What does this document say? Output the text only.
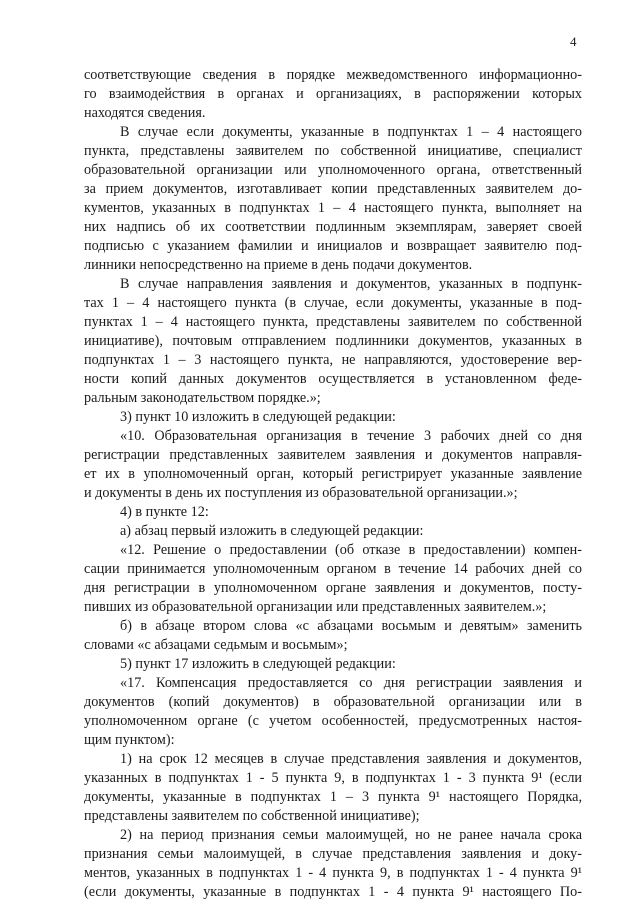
4

соответствующие сведения в порядке межведомственного информационно-
го взаимодействия в органах и организациях, в распоряжении которых
находятся сведения.

В случае если документы, указанные в подпунктах 1 – 4 настоящего
пункта, представлены заявителем по собственной инициативе, специалист
образовательной организации или уполномоченного органа, ответственный
за прием документов, изготавливает копии представленных заявителем до-
кументов, указанных в подпунктах 1 – 4 настоящего пункта, выполняет на
них надпись об их соответствии подлинным экземплярам, заверяет своей
подписью с указанием фамилии и инициалов и возвращает заявителю под-
линники непосредственно на приеме в день подачи документов.

В случае направления заявления и документов, указанных в подпунк-
тах 1 – 4 настоящего пункта (в случае, если документы, указанные в под-
пунктах 1 – 4 настоящего пункта, представлены заявителем по собственной
инициативе), почтовым отправлением подлинники документов, указанных в
подпунктах 1 – 3 настоящего пункта, не направляются, удостоверение вер-
ности копий данных документов осуществляется в установленном феде-
ральным законодательством порядке.»;

3) пункт 10 изложить в следующей редакции:

«10. Образовательная организация в течение 3 рабочих дней со дня
регистрации представленных заявителем заявления и документов направля-
ет их в уполномоченный орган, который регистрирует указанные заявление
и документы в день их поступления из образовательной организации.»;

4) в пункте 12:

а) абзац первый изложить в следующей редакции:

«12. Решение о предоставлении (об отказе в предоставлении) компен-
сации принимается уполномоченным органом в течение 14 рабочих дней со
дня регистрации в уполномоченном органе заявления и документов, посту-
пивших из образовательной организации или представленных заявителем.»;

б) в абзаце втором слова «с абзацами восьмым и девятым» заменить
словами «с абзацами седьмым и восьмым»;

5) пункт 17 изложить в следующей редакции:

«17. Компенсация предоставляется со дня регистрации заявления и
документов (копий документов) в образовательной организации или в
уполномоченном органе (с учетом особенностей, предусмотренных настоя-
щим пунктом):

1) на срок 12 месяцев в случае представления заявления и документов,
указанных в подпунктах 1 - 5 пункта 9, в подпунктах 1 - 3 пункта 9¹ (если
документы, указанные в подпунктах 1 – 3 пункта 9¹ настоящего Порядка,
представлены заявителем по собственной инициативе);

2) на период признания семьи малоимущей, но не ранее начала срока
признания семьи малоимущей, в случае представления заявления и доку-
ментов, указанных в подпунктах 1 - 4 пункта 9, в подпунктах 1 - 4 пункта 9¹
(если документы, указанные в подпунктах 1 - 4 пункта 9¹ настоящего По-
